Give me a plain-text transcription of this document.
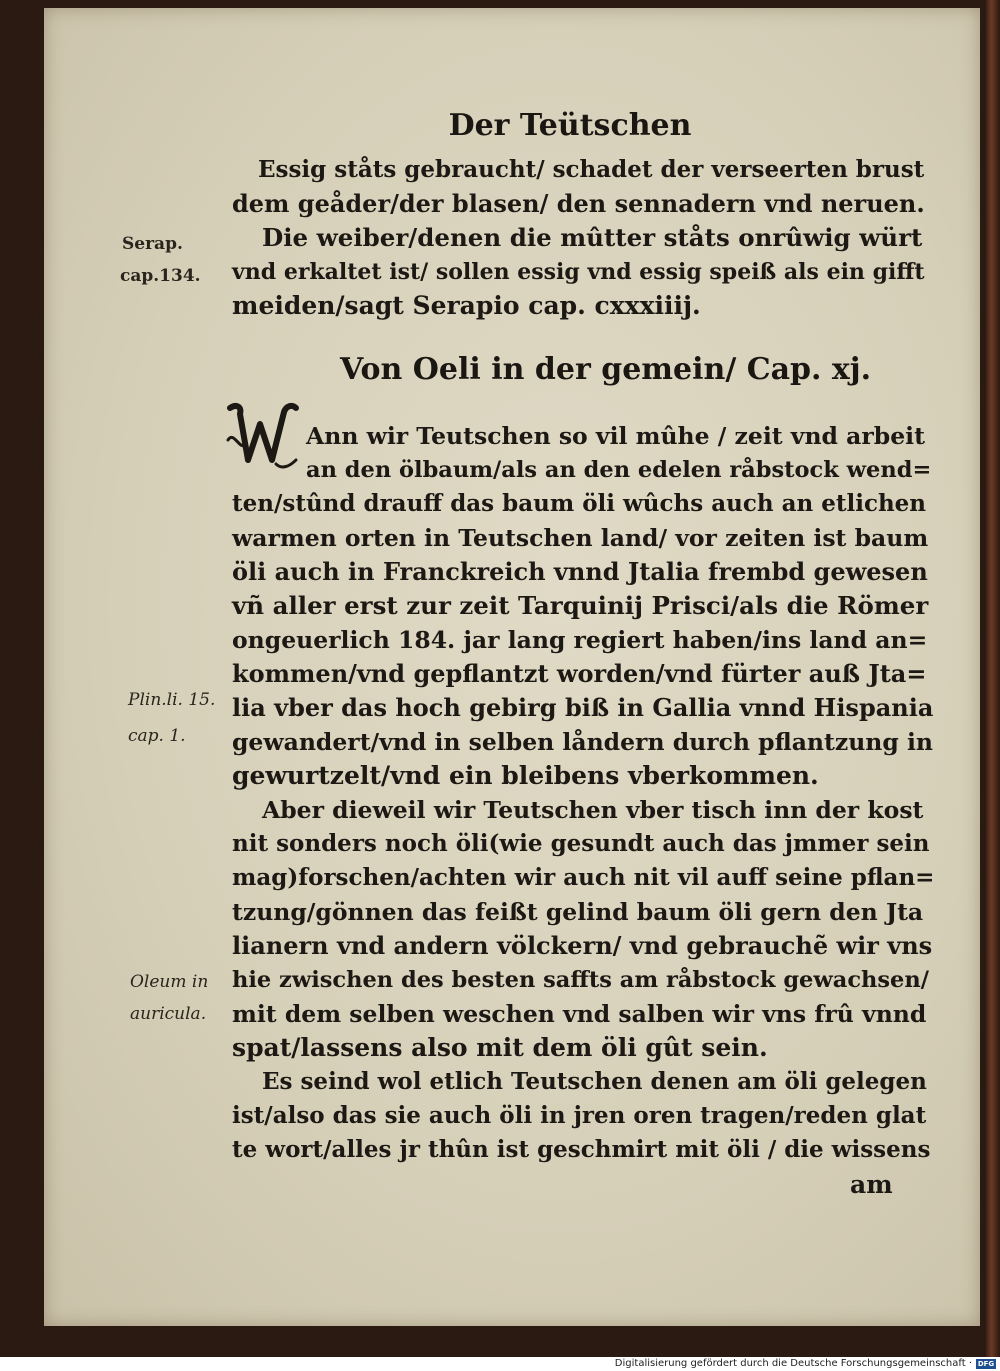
Der Teütschen
Essig ståts gebraucht/ schadet der verseerten brust
dem geåder/der blasen/ den sennadern vnd neruen.
Die weiber/denen die mûtter ståts onrûwig würt
vnd erkaltet ist/ sollen essig vnd essig speiß als ein gifft
meiden/sagt Serapio cap. cxxxiiij.
Serap.
cap.134.
Von Oeli in der gemein/ Cap. xj.
W
Ann wir Teutschen so vil mûhe / zeit vnd arbeit
an den ölbaum/als an den edelen råbstock wend=
ten/stûnd drauff das baum öli wûchs auch an etlichen
warmen orten in Teutschen land/ vor zeiten ist baum
öli auch in Franckreich vnnd Jtalia frembd gewesen
vñ aller erst zur zeit Tarquinij Prisci/als die Römer
ongeuerlich 184. jar lang regiert haben/ins land an=
kommen/vnd gepflantzt worden/vnd fürter auß Jta=
lia vber das hoch gebirg biß in Gallia vnnd Hispania
gewandert/vnd in selben låndern durch pflantzung in
gewurtzelt/vnd ein bleibens vberkommen.
Aber dieweil wir Teutschen vber tisch inn der kost
nit sonders noch öli(wie gesundt auch das jmmer sein
mag)forschen/achten wir auch nit vil auff seine pflan=
tzung/gönnen das feißt gelind baum öli gern den Jta
lianern vnd andern völckern/ vnd gebrauchẽ wir vns
hie zwischen des besten saffts am råbstock gewachsen/
mit dem selben weschen vnd salben wir vns frû vnnd
spat/lassens also mit dem öli gût sein.
Es seind wol etlich Teutschen denen am öli gelegen
ist/also das sie auch öli in jren oren tragen/reden glat
te wort/alles jr thûn ist geschmirt mit öli / die wissens
Plin.li. 15.
cap. 1.
Oleum in
auricula.
am
Digitalisierung gefördert durch die Deutsche Forschungsgemeinschaft · DFG
